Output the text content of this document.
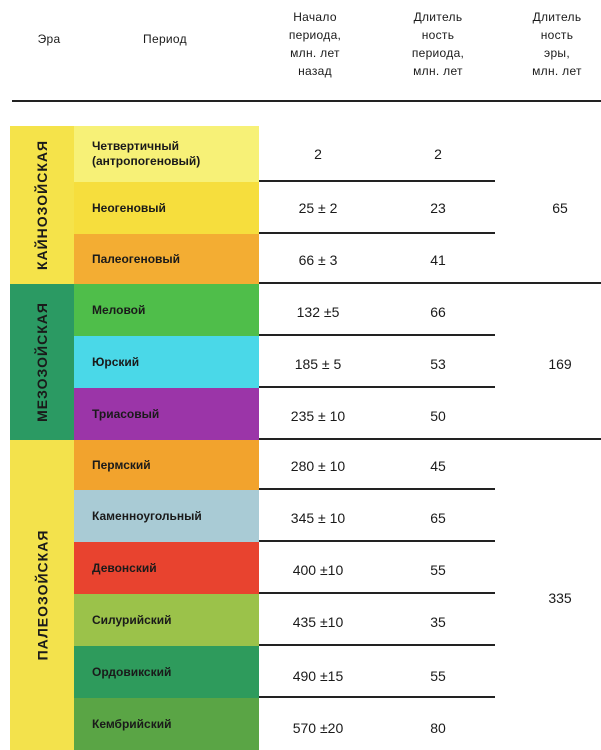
Эра	Период
Начало
периода,
млн. лет
назад
Длитель
ность
периода,
млн. лет
Длитель
ность
эры,
млн. лет
КАЙНОЗОЙСКАЯ
МЕЗОЗОЙСКАЯ
ПАЛЕОЗОЙСКАЯ
Четвертичный
(антропогеновый)
Неогеновый
Палеогеновый
Меловой
Юрский
Триасовый
Пермский
Каменноугольный
Девонский
Силурийский
Ордовикский
Кембрийский
2
25 ± 2
66 ± 3
132 ±5
185 ± 5
235 ± 10
280 ± 10
345 ± 10
400 ±10
435 ±10
490 ±15
570 ±20
2
23
41
66
53
50
45
65
55
35
55
80
65
169
335
